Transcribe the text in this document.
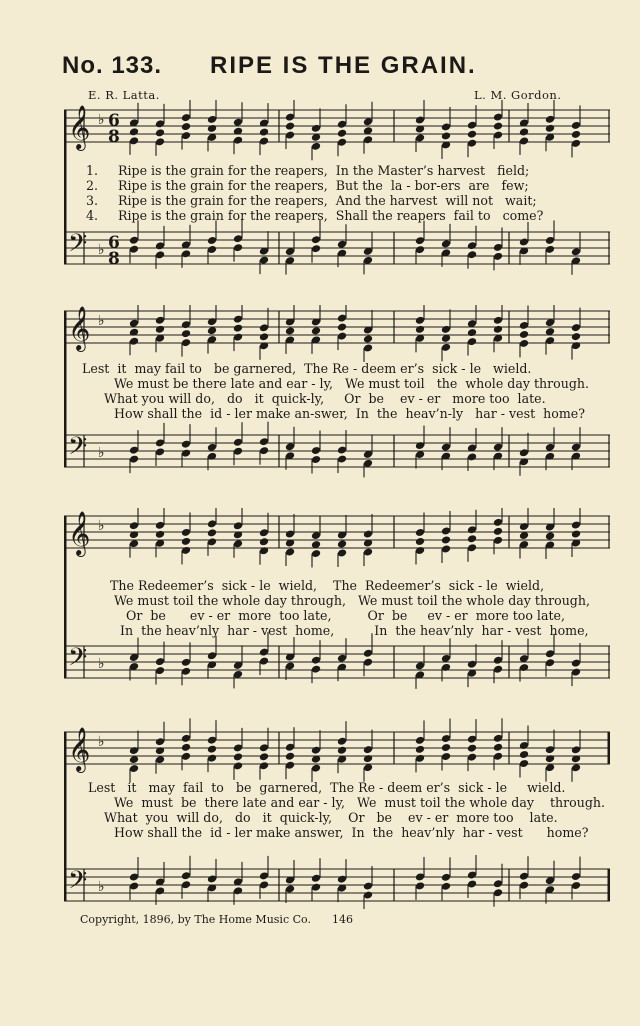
No. 133. RIPE IS THE GRAIN.
E. R. Latta.	L. M. Gordon.
𝄞
𝄢
♭
♭
6
8
6
8

1. Ripe is the grain for the reapers,  In the Master’s harvest   field;

2. Ripe is the grain for the reapers,  But the  la - bor-ers  are   few;

3. Ripe is the grain for the reapers,  And the harvest  will not   wait;

4. Ripe is the grain for the reapers,  Shall the reapers  fail to   come?

𝄞
𝄢
♭
♭

Lest  it  may fail to   be garnered,  The Re - deem er’s  sick - le   wield.

We must be there late and ear - ly,   We must toil   the  whole day through.

What you will do,   do   it  quick-ly,     Or  be    ev - er   more too  late.

How shall the  id - ler make an-swer,  In  the  heav’n-ly   har - vest  home?

𝄞
𝄢
♭
♭

The Redeemer’s  sick - le  wield,    The  Redeemer’s  sick - le  wield,

We must toil the whole day through,   We must toil the whole day through,

Or  be      ev - er  more  too late,         Or  be     ev - er  more too late,

In  the heav’nly  har - vest  home,          In  the heav’nly  har - vest  home,

𝄞
𝄢
♭
♭

Lest   it   may  fail  to   be  garnered,  The Re - deem er’s  sick - le     wield.

We  must  be  there late and ear - ly,   We  must toil the whole day    through.

What  you  will do,   do   it  quick-ly,    Or   be    ev - er  more too    late.

How shall the  id - ler make answer,  In  the  heav’nly  har - vest      home?

Copyright, 1896, by The Home Music Co. 146
